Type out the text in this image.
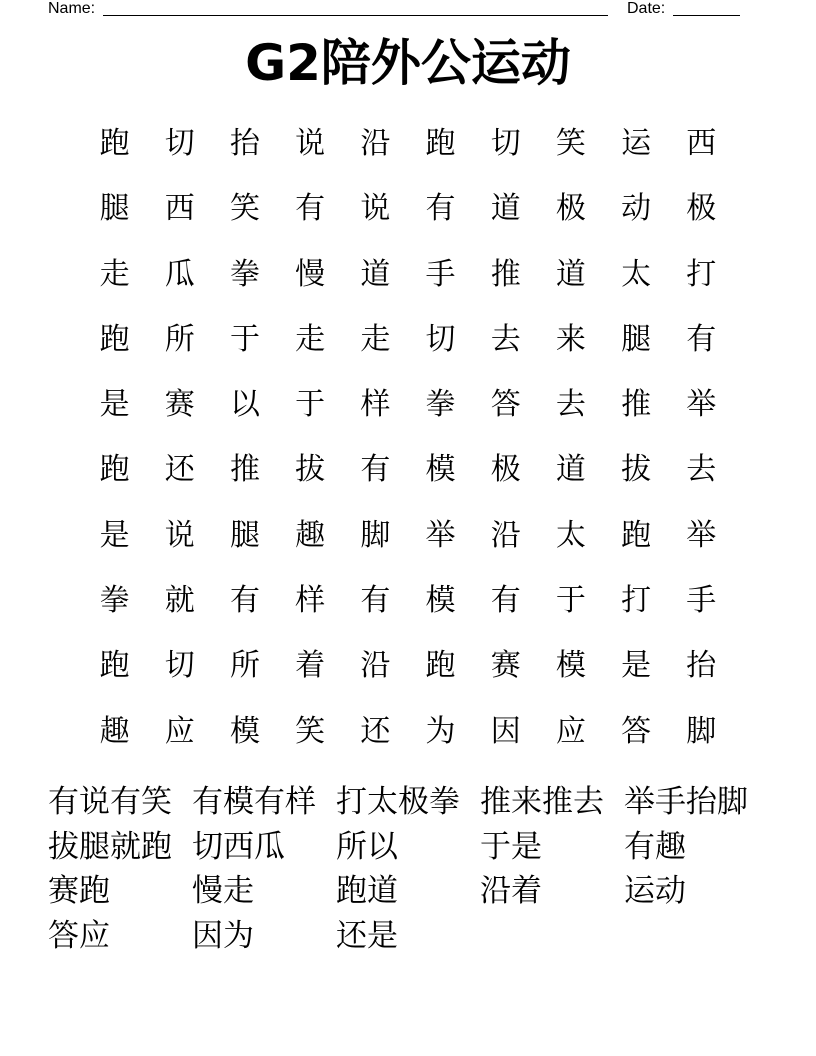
Name:	Date:
G2陪外公运动
跑	切	抬	说	沿	跑	切	笑	运	西
腿	西	笑	有	说	有	道	极	动	极
走	瓜	拳	慢	道	手	推	道	太	打
跑	所	于	走	走	切	去	来	腿	有
是	赛	以	于	样	拳	答	去	推	举
跑	还	推	拔	有	模	极	道	拔	去
是	说	腿	趣	脚	举	沿	太	跑	举
拳	就	有	样	有	模	有	于	打	手
跑	切	所	着	沿	跑	赛	模	是	抬
趣	应	模	笑	还	为	因	应	答	脚
有说有笑 有模有样 打太极拳 推来推去 举手抬脚
拔腿就跑 切西瓜	所以	于是	有趣
赛跑	慢走	跑道	沿着	运动
答应	因为	还是
